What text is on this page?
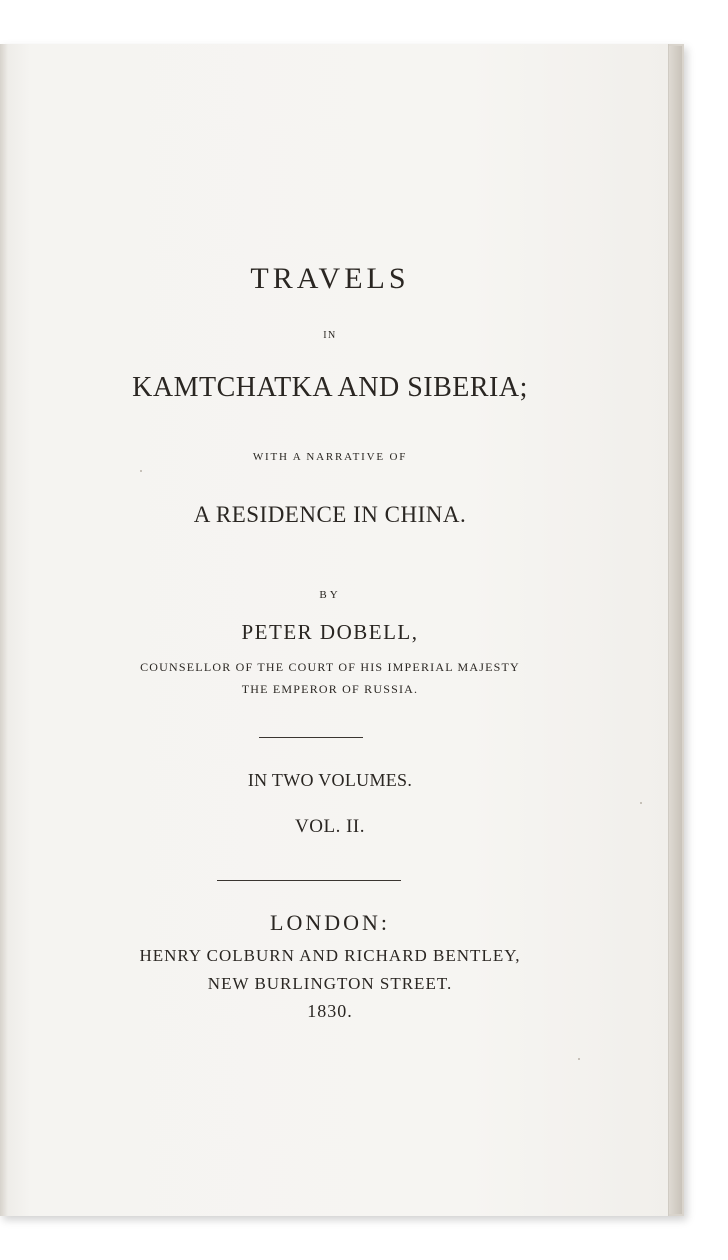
TRAVELS
IN
KAMTCHATKA AND SIBERIA;
WITH A NARRATIVE OF
A RESIDENCE IN CHINA.
BY
PETER DOBELL,
COUNSELLOR OF THE COURT OF HIS IMPERIAL MAJESTY
THE EMPEROR OF RUSSIA.
IN TWO VOLUMES.
VOL. II.
LONDON:
HENRY COLBURN AND RICHARD BENTLEY,
NEW BURLINGTON STREET.
1830.
